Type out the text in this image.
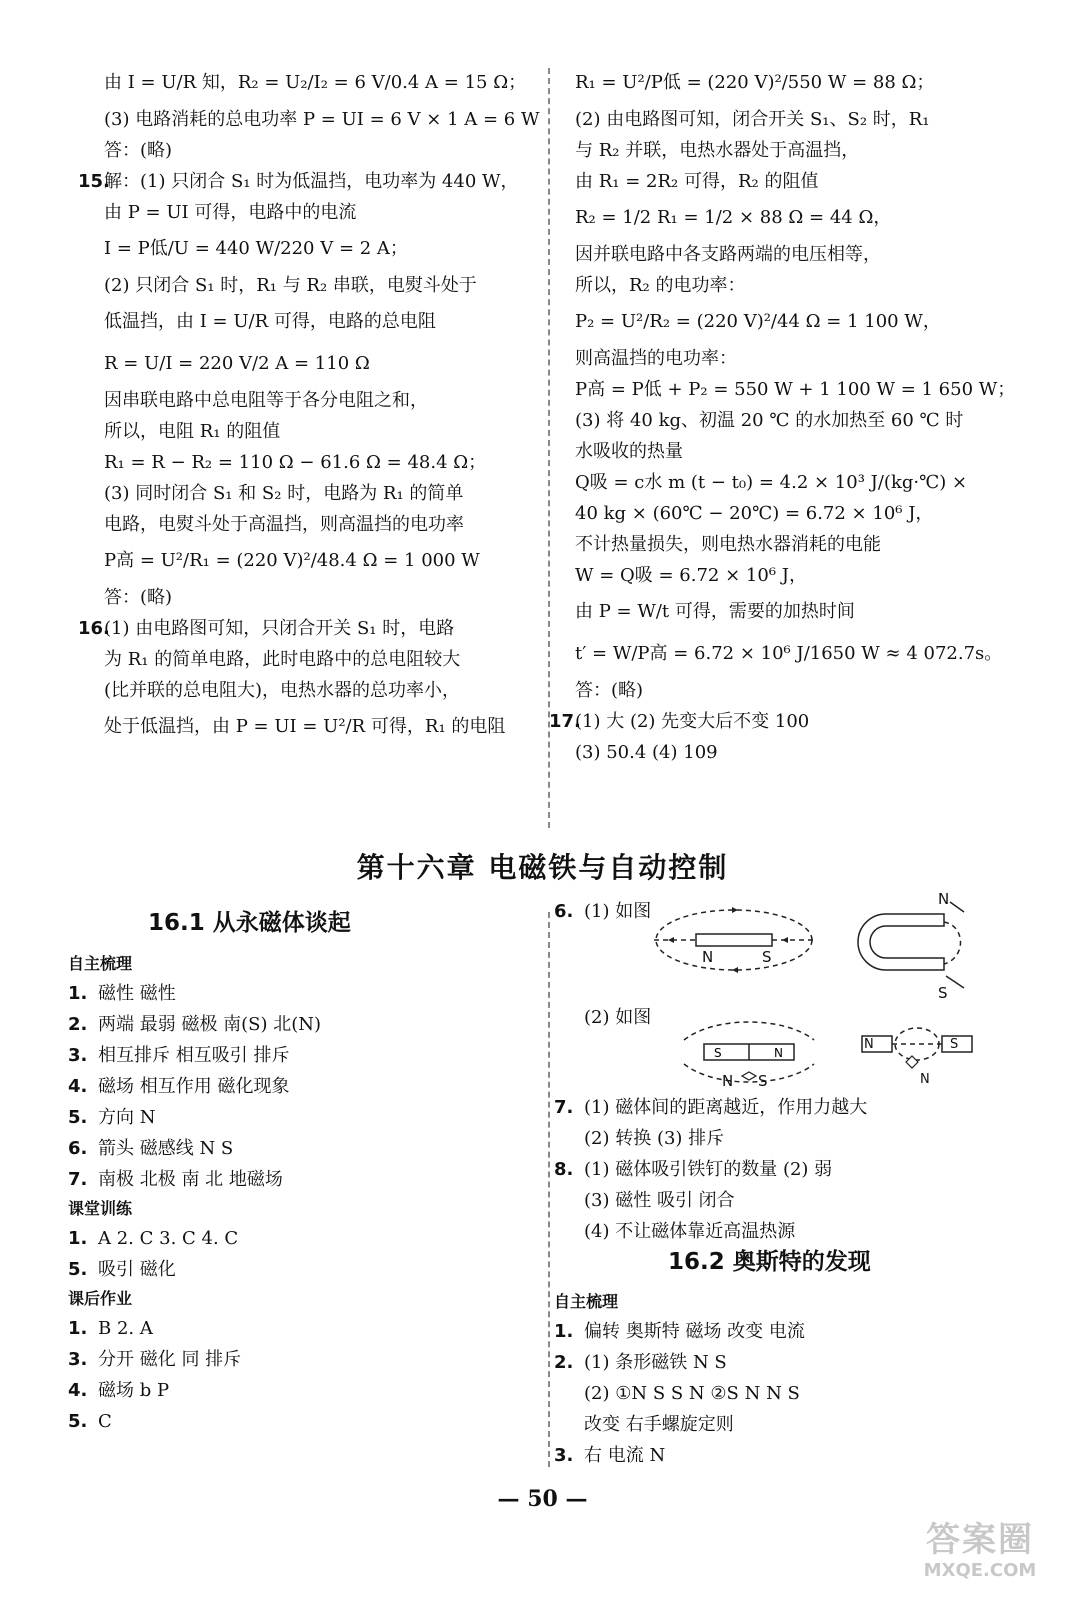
由 I = U/R 知，R₂ = U₂/I₂ = 6 V/0.4 A = 15 Ω；
(3) 电路消耗的总电功率 P = UI = 6 V × 1 A = 6 W
答：(略)
15.
解：(1) 只闭合 S₁ 时为低温挡，电功率为 440 W，
由 P = UI 可得，电路中的电流
I = P低/U = 440 W/220 V = 2 A；
(2) 只闭合 S₁ 时，R₁ 与 R₂ 串联，电熨斗处于
低温挡，由 I = U/R 可得，电路的总电阻
R = U/I = 220 V/2 A = 110 Ω
因串联电路中总电阻等于各分电阻之和，
所以，电阻 R₁ 的阻值
R₁ = R − R₂ = 110 Ω − 61.6 Ω = 48.4 Ω；
(3) 同时闭合 S₁ 和 S₂ 时，电路为 R₁ 的简单
电路，电熨斗处于高温挡，则高温挡的电功率
P高 = U²/R₁ = (220 V)²/48.4 Ω = 1 000 W
答：(略)
16.
(1) 由电路图可知，只闭合开关 S₁ 时，电路
为 R₁ 的简单电路，此时电路中的总电阻较大
(比并联的总电阻大)，电热水器的总功率小，
处于低温挡，由 P = UI = U²/R 可得，R₁ 的电阻
R₁ = U²/P低 = (220 V)²/550 W = 88 Ω；
(2) 由电路图可知，闭合开关 S₁、S₂ 时，R₁
与 R₂ 并联，电热水器处于高温挡，
由 R₁ = 2R₂ 可得，R₂ 的阻值
R₂ = 1/2 R₁ = 1/2 × 88 Ω = 44 Ω，
因并联电路中各支路两端的电压相等，
所以，R₂ 的电功率：
P₂ = U²/R₂ = (220 V)²/44 Ω = 1 100 W，
则高温挡的电功率：
P高 = P低 + P₂ = 550 W + 1 100 W = 1 650 W；
(3) 将 40 kg、初温 20 ℃ 的水加热至 60 ℃ 时
水吸收的热量
Q吸 = c水 m (t − t₀) = 4.2 × 10³ J/(kg·℃) ×
40 kg × (60℃ − 20℃) = 6.72 × 10⁶ J，
不计热量损失，则电热水器消耗的电能
W = Q吸 = 6.72 × 10⁶ J，
由 P = W/t 可得，需要的加热时间
t′ = W/P高 = 6.72 × 10⁶ J/1650 W ≈ 4 072.7s。
答：(略)
17.
(1) 大 (2) 先变大后不变 100
(3) 50.4 (4) 109
第十六章 电磁铁与自动控制
16.1 从永磁体谈起
自主梳理
1. 磁性 磁性
2. 两端 最弱 磁极 南(S) 北(N)
3. 相互排斥 相互吸引 排斥
4. 磁场 相互作用 磁化现象
5. 方向 N
6. 箭头 磁感线 N S
7. 南极 北极 南 北 地磁场
课堂训练
1. A 2. C 3. C 4. C
5. 吸引 磁化
课后作业
1. B 2. A
3. 分开 磁化 同 排斥
4. 磁场 b P
5. C
6. (1) 如图
N	S
N
S
(2) 如图
S	N
N S
N	S
N
7. (1) 磁体间的距离越近，作用力越大
(2) 转换 (3) 排斥
8. (1) 磁体吸引铁钉的数量 (2) 弱
(3) 磁性 吸引 闭合
(4) 不让磁体靠近高温热源
16.2 奥斯特的发现
自主梳理
1. 偏转 奥斯特 磁场 改变 电流
2. (1) 条形磁铁 N S
(2) ①N S S N ②S N N S
改变 右手螺旋定则
3. 右 电流 N
— 50 —
答案圈
MXQE.COM
